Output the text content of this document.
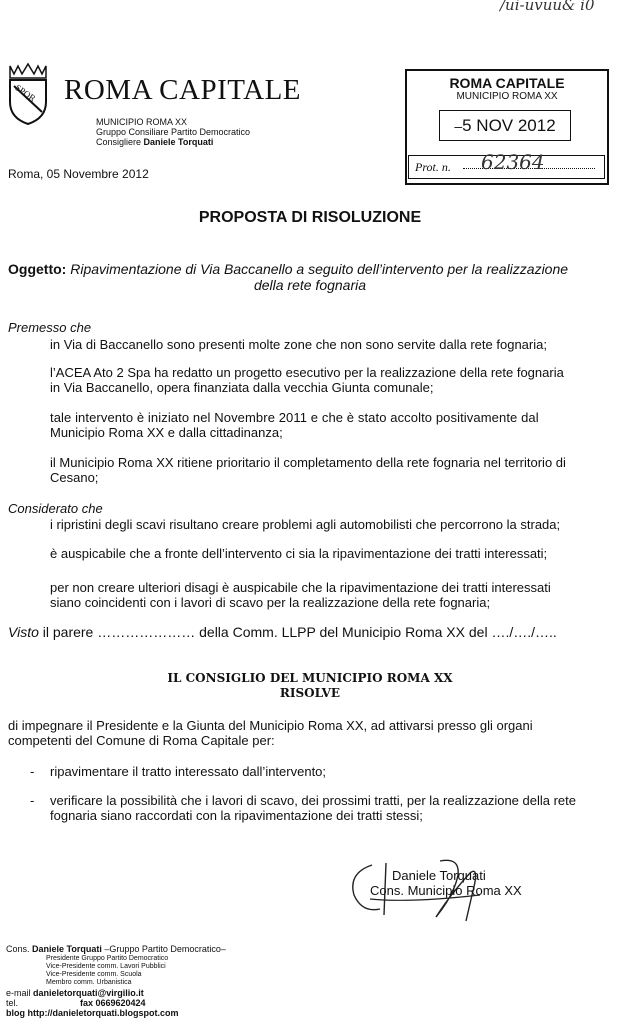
/ui-uvuu& i0
SPQR ROMA CAPITALE
MUNICIPIO ROMA XX
Gruppo Consiliare Partito Democratico
Consigliere Daniele Torquati
ROMA CAPITALE
MUNICIPIO ROMA XX
–5 NOV 2012
Prot. n. 62364
Roma, 05 Novembre 2012
PROPOSTA DI RISOLUZIONE
Oggetto: Ripavimentazione di Via Baccanello a seguito dell’intervento per la realizzazione
della rete fognaria
Premesso che
in Via di Baccanello sono presenti molte zone che non sono servite dalla rete fognaria;
l’ACEA Ato 2 Spa ha redatto un progetto esecutivo per la realizzazione della rete fognaria
in Via Baccanello, opera finanziata dalla vecchia Giunta comunale;
tale intervento è iniziato nel Novembre 2011 e che è stato accolto positivamente dal
Municipio Roma XX e dalla cittadinanza;
il Municipio Roma XX ritiene prioritario il completamento della rete fognaria nel territorio di
Cesano;
Considerato che
i ripristini degli scavi risultano creare problemi agli automobilisti che percorrono la strada;
è auspicabile che a fronte dell’intervento ci sia la ripavimentazione dei tratti interessati;
per non creare ulteriori disagi è auspicabile che la ripavimentazione dei tratti interessati
siano coincidenti con i lavori di scavo per la realizzazione della rete fognaria;
Visto il parere ………………… della Comm. LLPP del Municipio Roma XX del …./…./…..
IL CONSIGLIO DEL MUNICIPIO ROMA XX
RISOLVE
di impegnare il Presidente e la Giunta del Municipio Roma XX, ad attivarsi presso gli organi
competenti del Comune di Roma Capitale per:
- ripavimentare il tratto interessato dall’intervento;
- verificare la possibilità che i lavori di scavo, dei prossimi tratti, per la realizzazione della rete
fognaria siano raccordati con la ripavimentazione dei tratti stessi;
Daniele Torquati
Cons. Municipio Roma XX
Cons. Daniele Torquati –Gruppo Partito Democratico–
Presidente Gruppo Partito Democratico
Vice-Presidente comm. Lavori Pubblici
Vice-Presidente comm. Scuola
Membro comm. Urbanistica
e-mail danieletorquati@virgilio.it
tel.	fax 0669620424
blog http://danieletorquati.blogspot.com
